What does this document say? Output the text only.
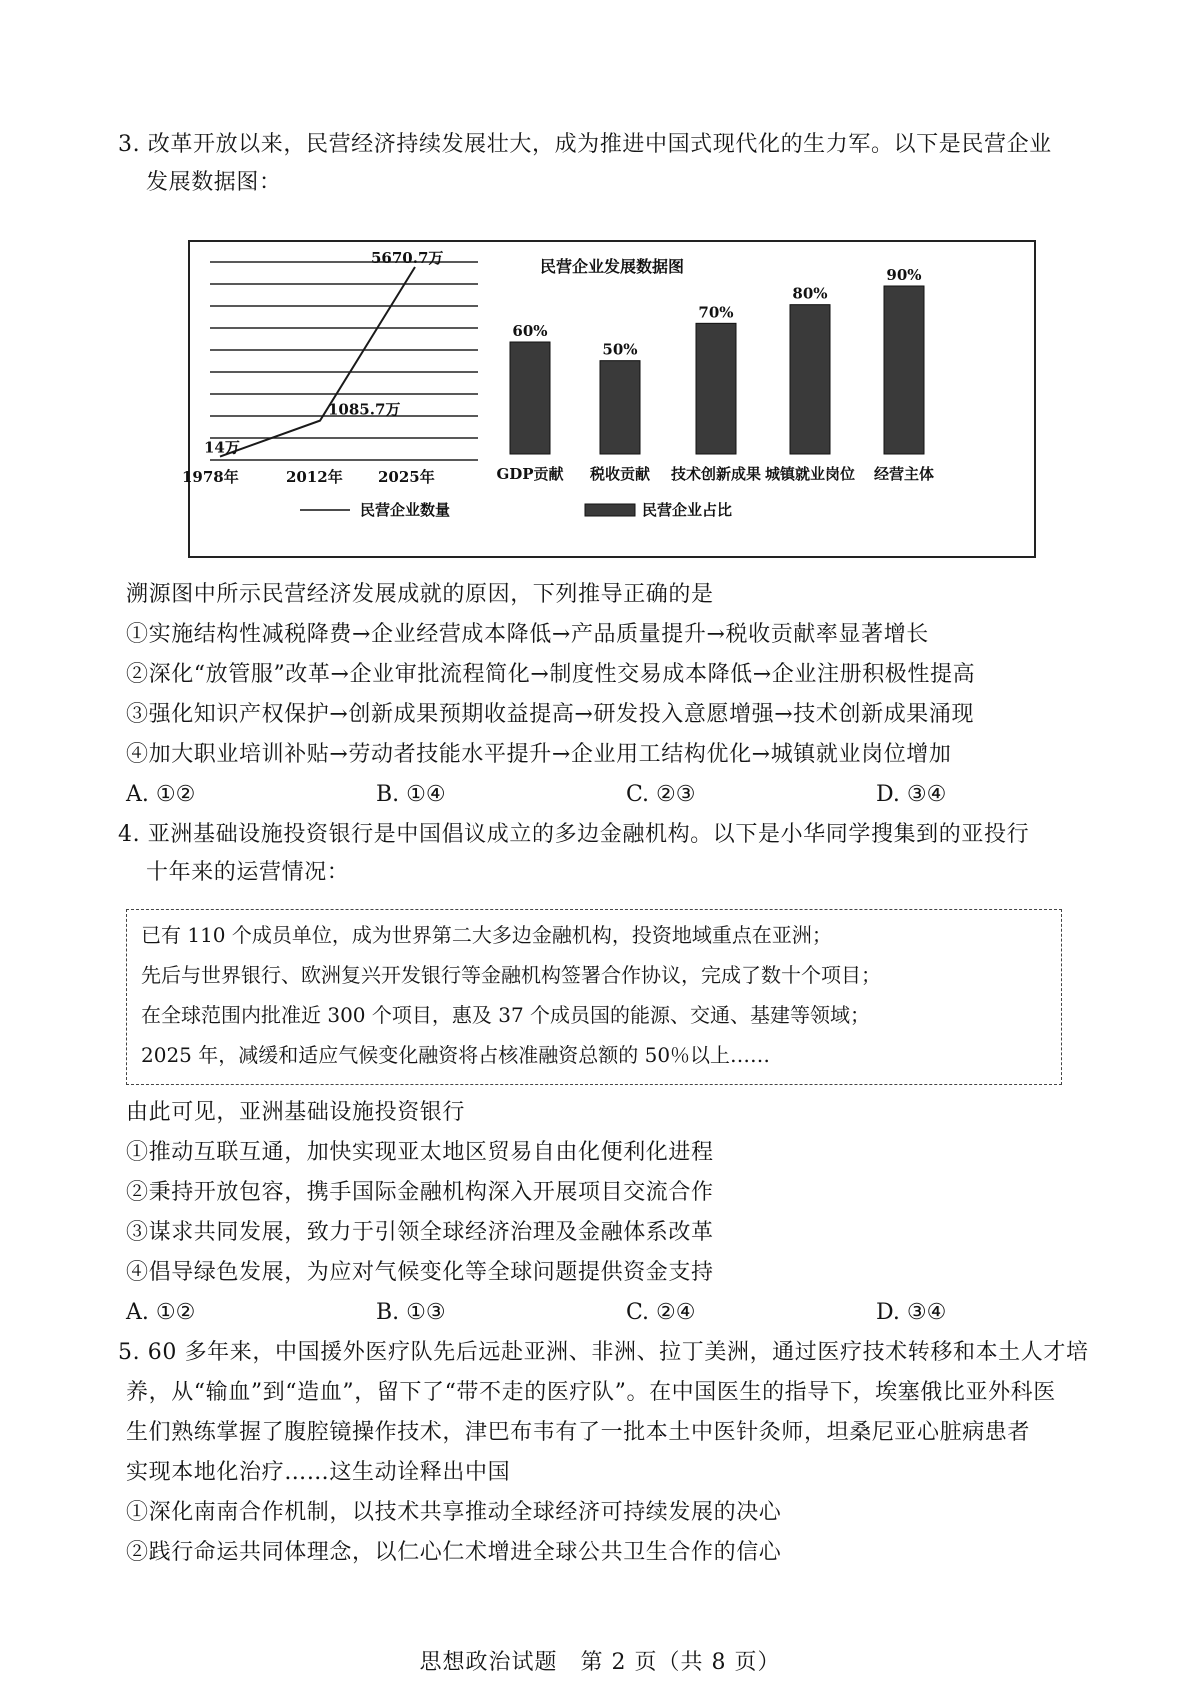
3. 改革开放以来，民营经济持续发展壮大，成为推进中国式现代化的生力军。以下是民营企业
发展数据图：
民营企业发展数据图
14万
1085.7万
5670.7万
1978年	2012年 2025年
60%
GDP贡献
50%
税收贡献
70%
技术创新成果
80%
城镇就业岗位
90%
经营主体
民营企业数量	民营企业占比
溯源图中所示民营经济发展成就的原因，下列推导正确的是
①实施结构性减税降费→企业经营成本降低→产品质量提升→税收贡献率显著增长
②深化“放管服”改革→企业审批流程简化→制度性交易成本降低→企业注册积极性提高
③强化知识产权保护→创新成果预期收益提高→研发投入意愿增强→技术创新成果涌现
④加大职业培训补贴→劳动者技能水平提升→企业用工结构优化→城镇就业岗位增加
A. ①②	B. ①④	C. ②③	D. ③④
4. 亚洲基础设施投资银行是中国倡议成立的多边金融机构。以下是小华同学搜集到的亚投行
十年来的运营情况：
已有 110 个成员单位，成为世界第二大多边金融机构，投资地域重点在亚洲；
先后与世界银行、欧洲复兴开发银行等金融机构签署合作协议，完成了数十个项目；
在全球范围内批准近 300 个项目，惠及 37 个成员国的能源、交通、基建等领域；
2025 年，减缓和适应气候变化融资将占核准融资总额的 50％以上……
由此可见，亚洲基础设施投资银行
①推动互联互通，加快实现亚太地区贸易自由化便利化进程
②秉持开放包容，携手国际金融机构深入开展项目交流合作
③谋求共同发展，致力于引领全球经济治理及金融体系改革
④倡导绿色发展，为应对气候变化等全球问题提供资金支持
A. ①②	B. ①③	C. ②④	D. ③④
5. 60 多年来，中国援外医疗队先后远赴亚洲、非洲、拉丁美洲，通过医疗技术转移和本土人才培
养，从“输血”到“造血”，留下了“带不走的医疗队”。在中国医生的指导下，埃塞俄比亚外科医
生们熟练掌握了腹腔镜操作技术，津巴布韦有了一批本土中医针灸师，坦桑尼亚心脏病患者
实现本地化治疗……这生动诠释出中国
①深化南南合作机制，以技术共享推动全球经济可持续发展的决心
②践行命运共同体理念，以仁心仁术增进全球公共卫生合作的信心
思想政治试题　第 2 页（共 8 页）
